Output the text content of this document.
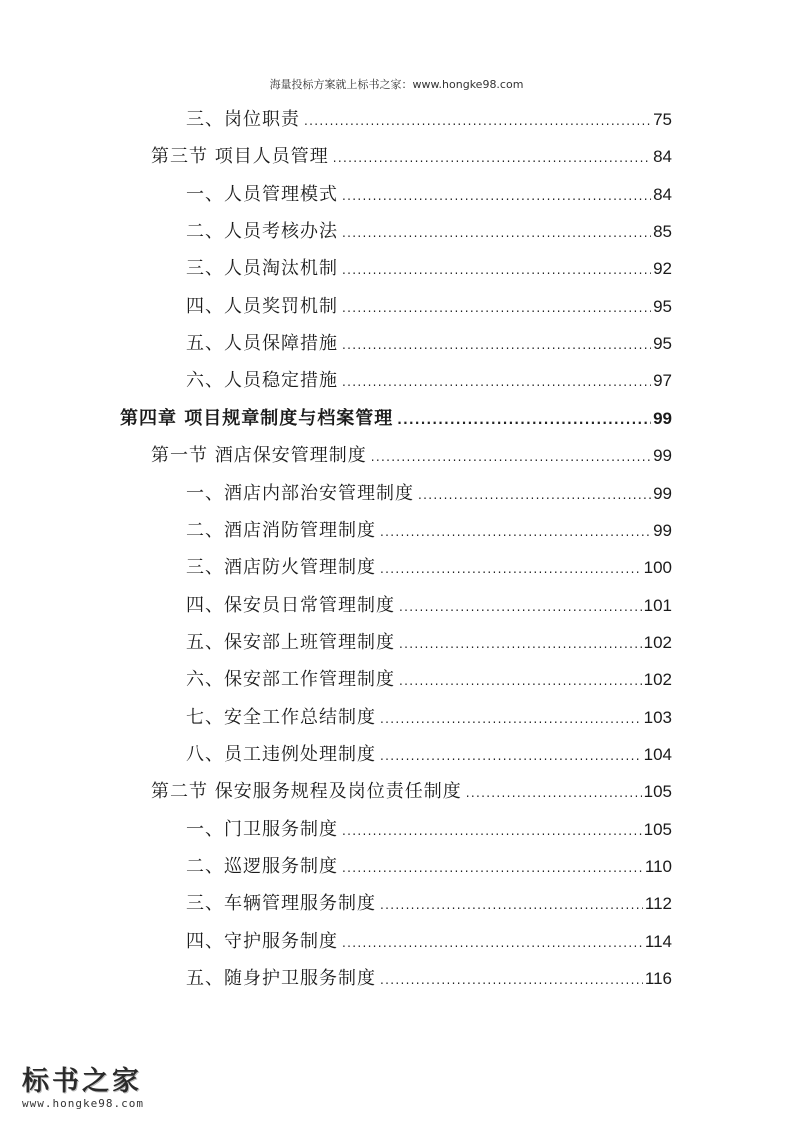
海量投标方案就上标书之家：www.hongke98.com
三、岗位职责 .....	75
第三节 项目人员管理 .....	84
一、人员管理模式 .....	84
二、人员考核办法 .....	85
三、人员淘汰机制 .....	92
四、人员奖罚机制 .....	95
五、人员保障措施 .....	95
六、人员稳定措施 .....	97
第四章 项目规章制度与档案管理 .....	99
第一节 酒店保安管理制度 .....	99
一、酒店内部治安管理制度 .....	99
二、酒店消防管理制度 .....	99
三、酒店防火管理制度 .....	100
四、保安员日常管理制度 .....	101
五、保安部上班管理制度 .....	102
六、保安部工作管理制度 .....	102
七、安全工作总结制度 .....	103
八、员工违例处理制度 .....	104
第二节 保安服务规程及岗位责任制度 .....	105
一、门卫服务制度 .....	105
二、巡逻服务制度 .....	110
三、车辆管理服务制度 .....	112
四、守护服务制度 .....	114
五、随身护卫服务制度 .....	116
标书之家
www.hongke98.com
